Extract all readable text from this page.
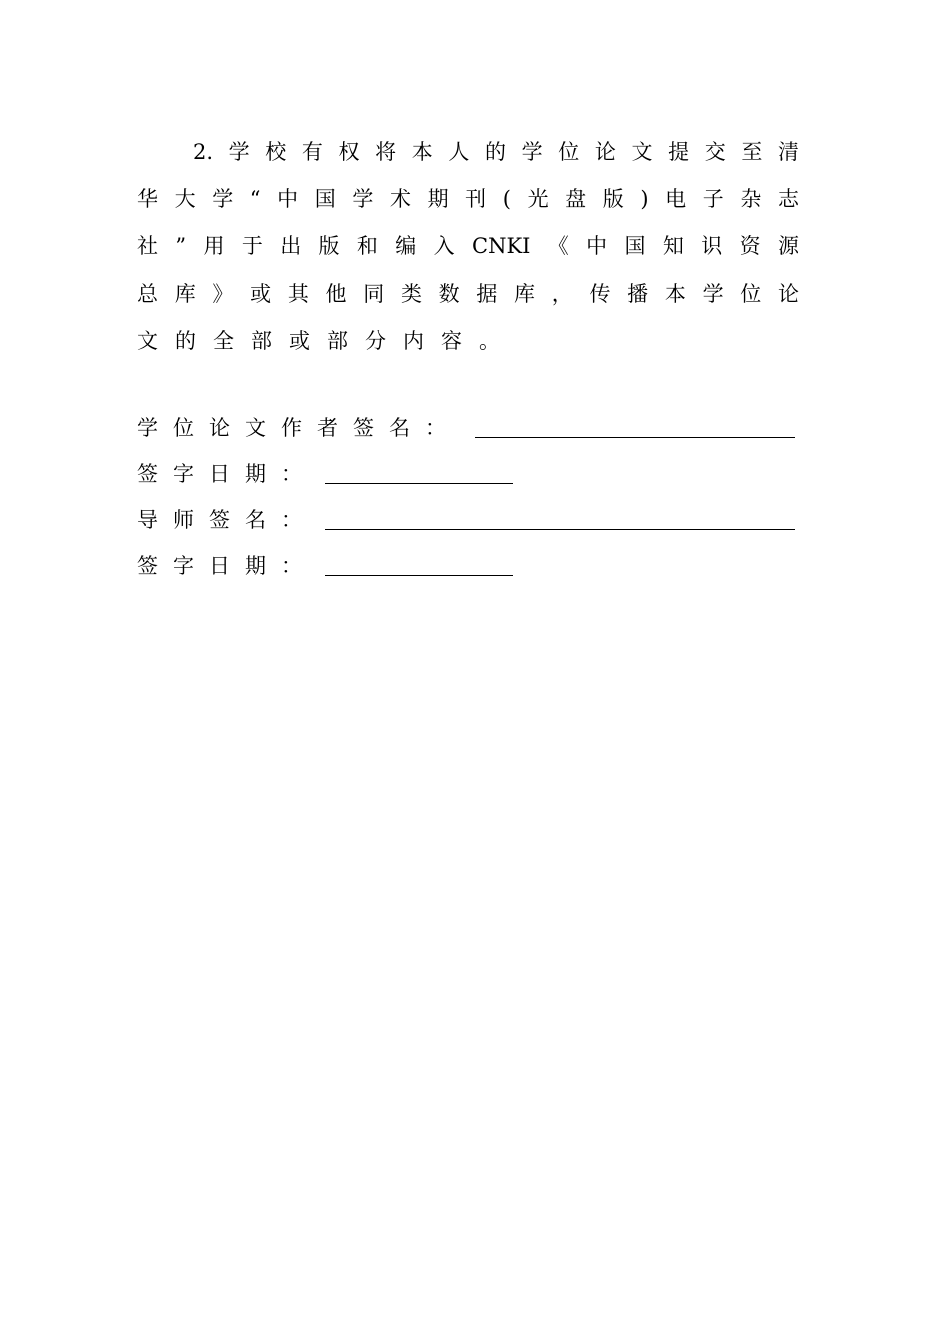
2.学校有权将本人的学位论文提交至清
华大学“中国学术期刊(光盘版)电子杂志
社”用于出版和编入CNKI《中国知识资源
总库》或其他同类数据库，传播本学位论
文的全部或部分内容。
学位论文作者签名：
签字日期：
导师签名：
签字日期：
